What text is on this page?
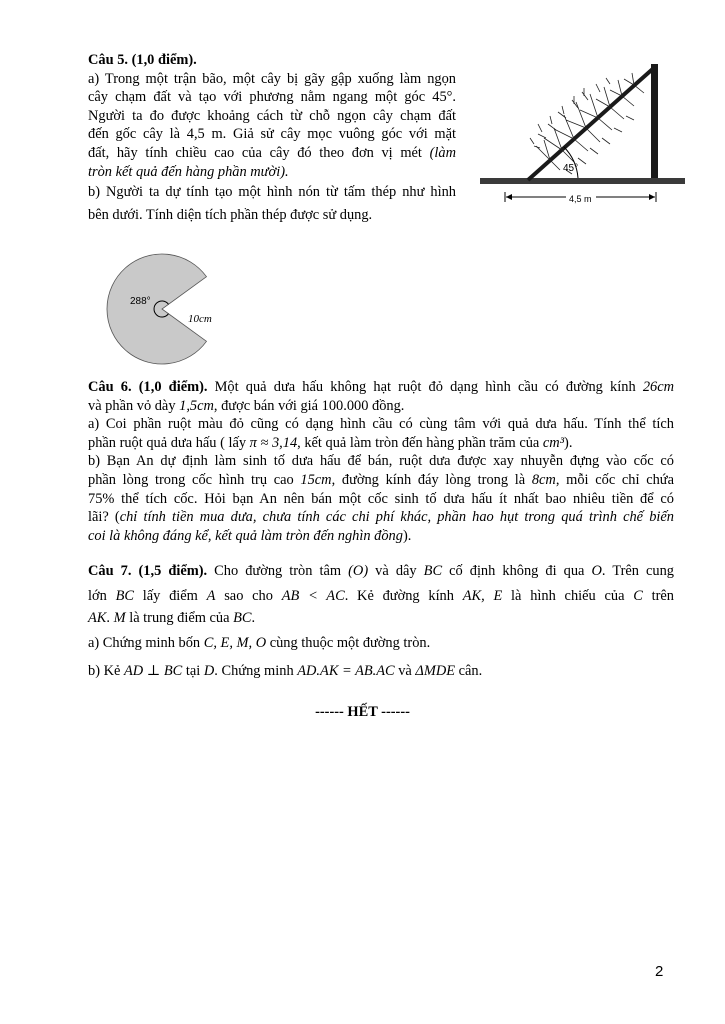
Câu 5. (1,0 điểm).
a) Trong một trận bão, một cây bị gãy gập xuống làm ngọn
cây chạm đất và tạo với phương nằm ngang một góc 45°.
Người ta đo được khoảng cách từ chỗ ngọn cây chạm đất
đến gốc cây là 4,5 m. Giả sử cây mọc vuông góc với mặt
đất, hãy tính chiều cao của cây đó theo đơn vị mét (làm
tròn kết quả đến hàng phần mười).
b) Người ta dự tính tạo một hình nón từ tấm thép như hình
bên dưới. Tính diện tích phần thép được sử dụng.
45°
4,5 m
288°
10cm
Câu 6. (1,0 điểm). Một quả dưa hấu không hạt ruột đỏ dạng hình cầu có đường kính 26cm
và phần vỏ dày 1,5cm, được bán với giá 100.000 đồng.
a) Coi phần ruột màu đỏ cũng có dạng hình cầu có cùng tâm với quả dưa hấu. Tính thể tích
phần ruột quả dưa hấu ( lấy π ≈ 3,14, kết quả làm tròn đến hàng phần trăm của cm³).
b) Bạn An dự định làm sinh tố dưa hấu để bán, ruột dưa được xay nhuyễn đựng vào cốc có
phần lòng trong cốc hình trụ cao 15cm, đường kính đáy lòng trong là 8cm, mỗi cốc chỉ chứa
75% thể tích cốc. Hỏi bạn An nên bán một cốc sinh tố dưa hấu ít nhất bao nhiêu tiền để có
lãi? (chỉ tính tiền mua dưa, chưa tính các chi phí khác, phần hao hụt trong quá trình chế biến
coi là không đáng kể, kết quả làm tròn đến nghìn đồng).
Câu 7. (1,5 điểm). Cho đường tròn tâm (O) và dây BC cố định không đi qua O. Trên cung
lớn BC lấy điểm A sao cho AB < AC. Kẻ đường kính AK, E là hình chiếu của C trên
AK. M là trung điểm của BC.
a) Chứng minh bốn C, E, M, O cùng thuộc một đường tròn.
b) Kẻ AD ⊥ BC tại D. Chứng minh AD.AK = AB.AC và ΔMDE cân.
------ HẾT ------
2
